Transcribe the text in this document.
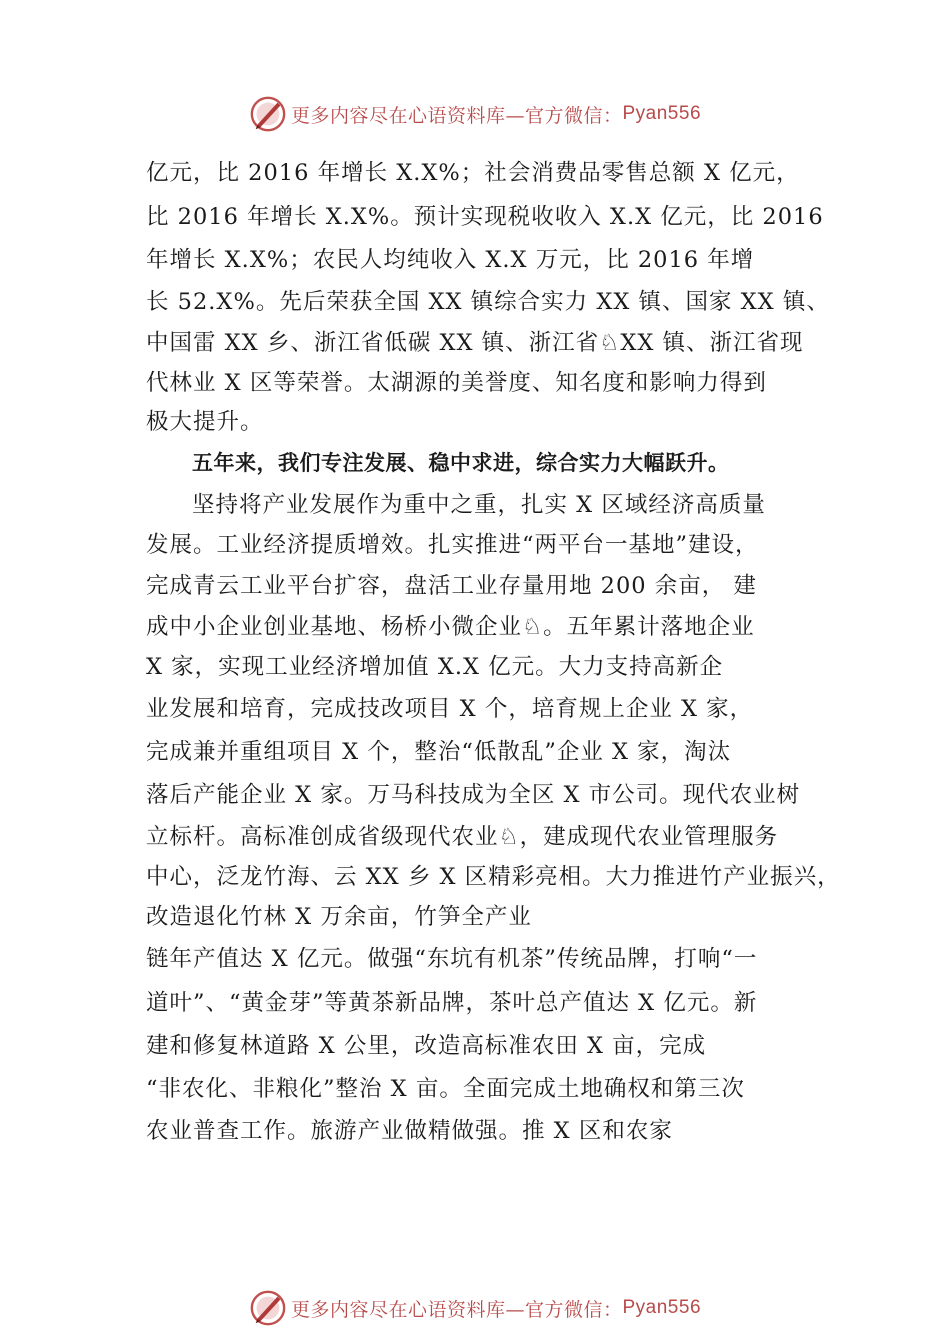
更多内容尽在心语资料库—官方微信： Pyan556
亿元，比 2016 年增长 X.X%；社会消费品零售总额 X 亿元，
比 2016 年增长 X.X%。预计实现税收收入 X.X 亿元，比 2016
年增长 X.X%；农民人均纯收入 X.X 万元，比 2016 年增
长 52.X%。先后荣获全国 XX 镇综合实力 XX 镇、国家 XX 镇、
中国雷 XX 乡、浙江省低碳 XX 镇、浙江省♘XX 镇、浙江省现
代林业 X 区等荣誉。太湖源的美誉度、知名度和影响力得到
极大提升。
五年来，我们专注发展、稳中求进，综合实力大幅跃升。
坚持将产业发展作为重中之重，扎实 X 区域经济高质量
发展。工业经济提质增效。扎实推进“两平台一基地”建设，
完成青云工业平台扩容，盘活工业存量用地 200 余亩， 建
成中小企业创业基地、杨桥小微企业♘。五年累计落地企业
X 家，实现工业经济增加值 X.X 亿元。大力支持高新企
业发展和培育，完成技改项目 X 个，培育规上企业 X 家，
完成兼并重组项目 X 个，整治“低散乱”企业 X 家，淘汰
落后产能企业 X 家。万马科技成为全区 X 市公司。现代农业树
立标杆。高标准创成省级现代农业♘，建成现代农业管理服务
中心，泛龙竹海、云 XX 乡 X 区精彩亮相。大力推进竹产业振兴，
改造退化竹林 X 万余亩，竹笋全产业
链年产值达 X 亿元。做强“东坑有机茶”传统品牌，打响“一
道叶”、“黄金芽”等黄茶新品牌，茶叶总产值达 X 亿元。新
建和修复林道路 X 公里，改造高标准农田 X 亩，完成
“非农化、非粮化”整治 X 亩。全面完成土地确权和第三次
农业普查工作。旅游产业做精做强。推 X 区和农家
更多内容尽在心语资料库—官方微信： Pyan556
